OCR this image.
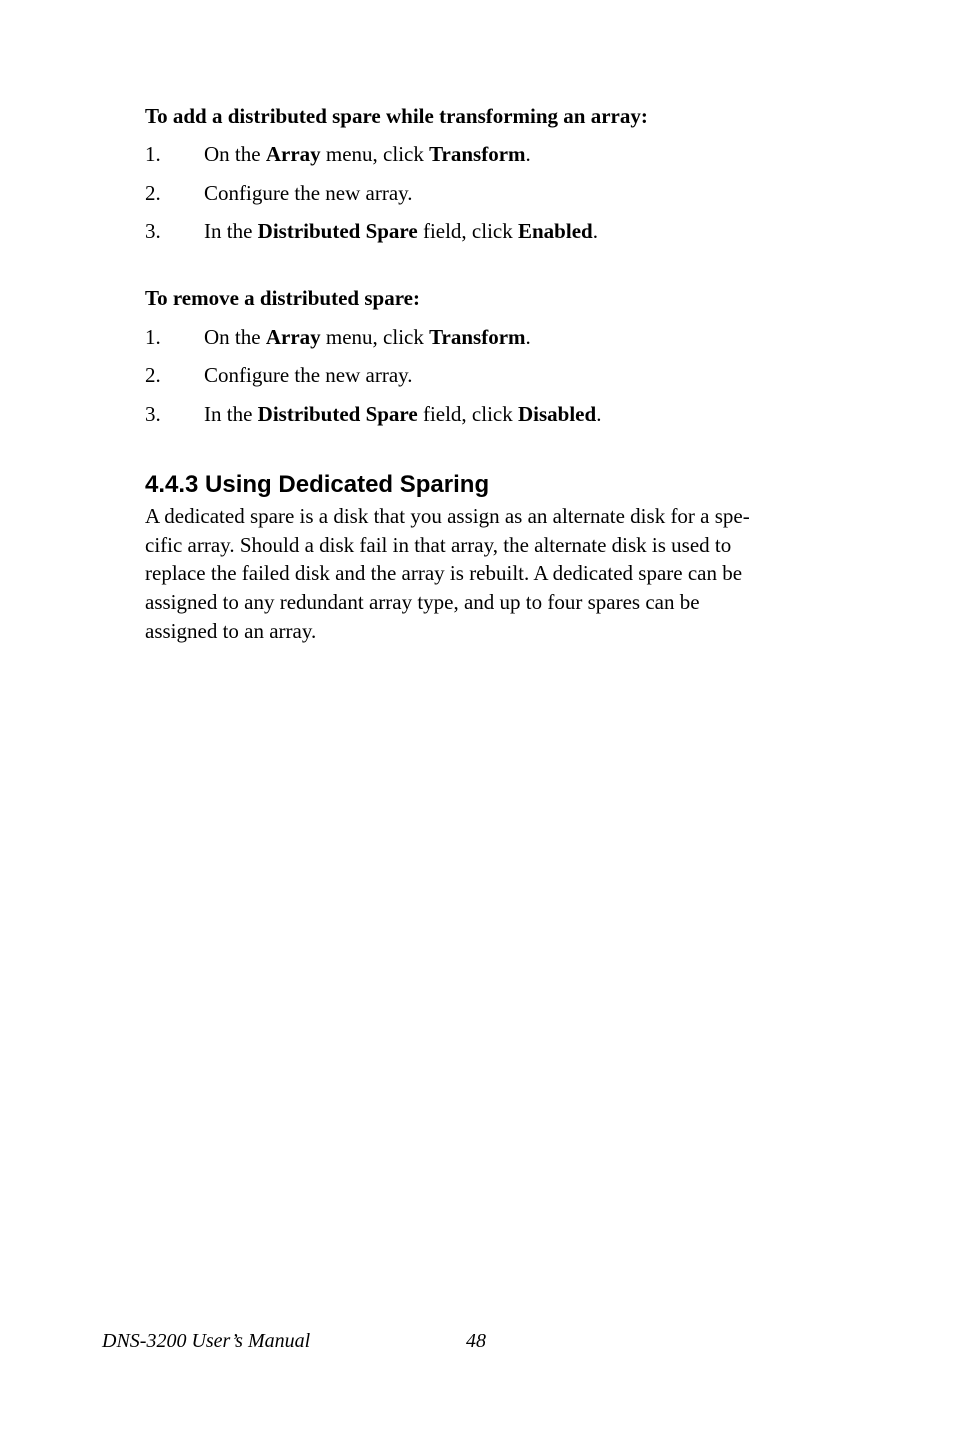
To add a distributed spare while transforming an array:
1. On the Array menu, click Transform.
2. Configure the new array.
3. In the Distributed Spare field, click Enabled.
To remove a distributed spare:
1. On the Array menu, click Transform.
2. Configure the new array.
3. In the Distributed Spare field, click Disabled.
4.4.3 Using Dedicated Sparing
A dedicated spare is a disk that you assign as an alternate disk for a spe-
cific array. Should a disk fail in that array, the alternate disk is used to
replace the failed disk and the array is rebuilt. A dedicated spare can be
assigned to any redundant array type, and up to four spares can be
assigned to an array.
DNS-3200 User’s Manual	48
